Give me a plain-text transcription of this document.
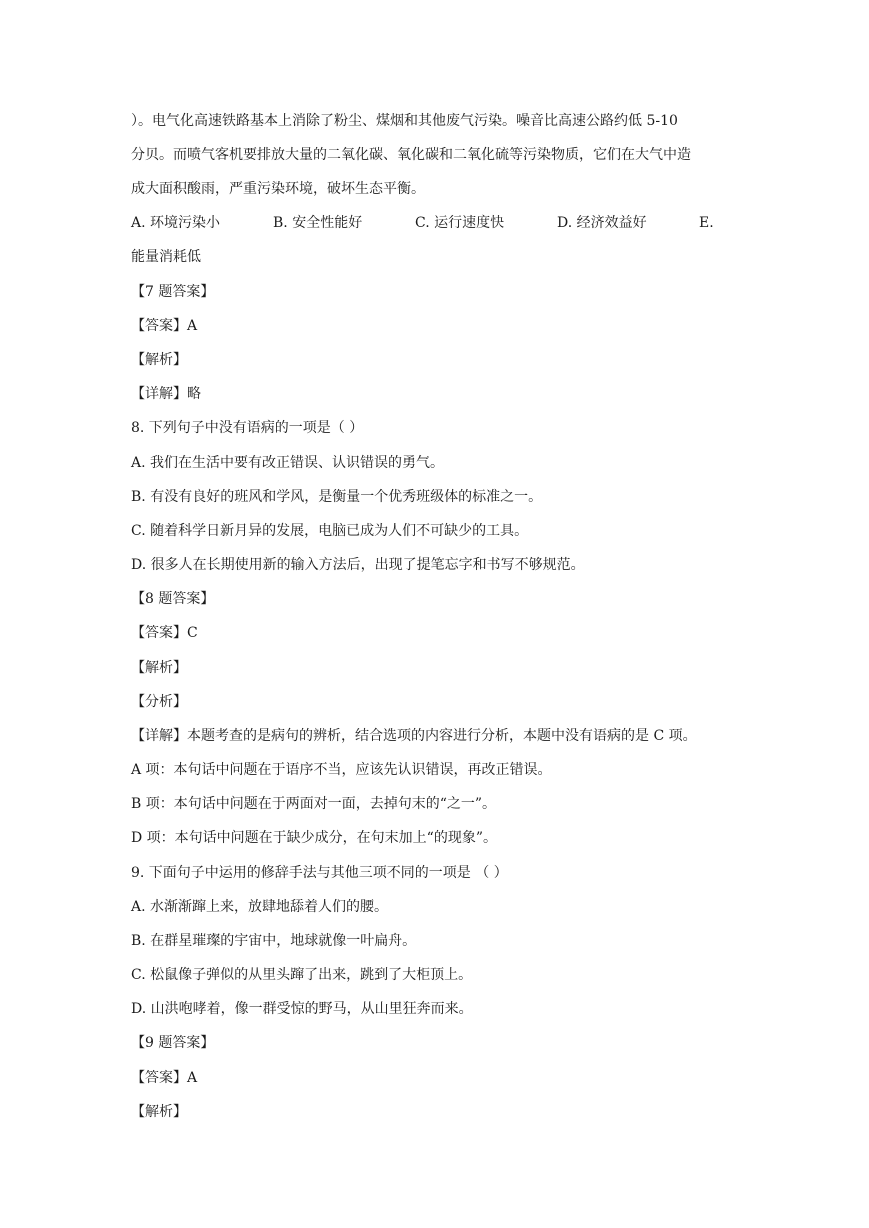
）。电气化高速铁路基本上消除了粉尘、煤烟和其他废气污染。噪音比高速公路约低 5-10
分贝。而喷气客机要排放大量的二氧化碳、氧化碳和二氧化硫等污染物质，它们在大气中造
成大面积酸雨，严重污染环境，破坏生态平衡。
A. 环境污染小	B. 安全性能好	C. 运行速度快	D. 经济效益好	E.
能量消耗低
【7 题答案】
【答案】A
【解析】
【详解】略
8. 下列句子中没有语病的一项是（ ）
A. 我们在生活中要有改正错误、认识错误的勇气。
B. 有没有良好的班风和学风，是衡量一个优秀班级体的标准之一。
C. 随着科学日新月异的发展，电脑已成为人们不可缺少的工具。
D. 很多人在长期使用新的输入方法后，出现了提笔忘字和书写不够规范。
【8 题答案】
【答案】C
【解析】
【分析】
【详解】本题考查的是病句的辨析，结合选项的内容进行分析，本题中没有语病的是 C 项。
A 项：本句话中问题在于语序不当，应该先认识错误，再改正错误。
B 项：本句话中问题在于两面对一面，去掉句末的“之一”。
D 项：本句话中问题在于缺少成分，在句末加上“的现象”。
9. 下面句子中运用的修辞手法与其他三项不同的一项是 （ ）
A. 水渐渐蹿上来，放肆地舔着人们的腰。
B. 在群星璀璨的宇宙中，地球就像一叶扁舟。
C. 松鼠像子弹似的从里头蹿了出来，跳到了大柜顶上。
D. 山洪咆哮着，像一群受惊的野马，从山里狂奔而来。
【9 题答案】
【答案】A
【解析】
